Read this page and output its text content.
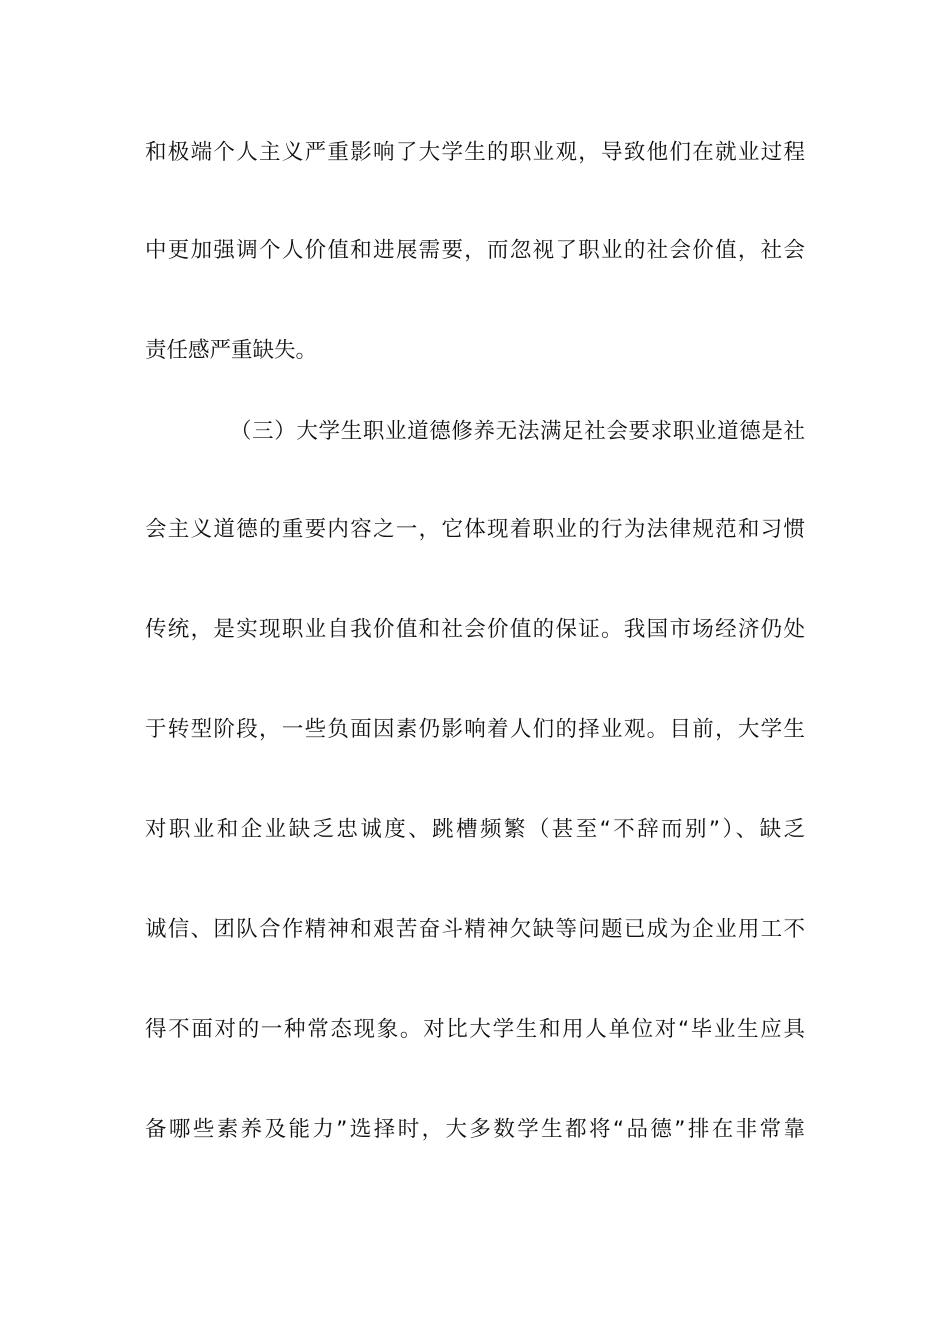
和极端个人主义严重影响了大学生的职业观，导致他们在就业过程
中更加强调个人价值和进展需要，而忽视了职业的社会价值，社会
责任感严重缺失。
（三）大学生职业道德修养无法满足社会要求职业道德是社
会主义道德的重要内容之一，它体现着职业的行为法律规范和习惯
传统，是实现职业自我价值和社会价值的保证。我国市场经济仍处
于转型阶段，一些负面因素仍影响着人们的择业观。目前，大学生
对职业和企业缺乏忠诚度、跳槽频繁（甚至“不辞而别”）、缺乏
诚信、团队合作精神和艰苦奋斗精神欠缺等问题已成为企业用工不
得不面对的一种常态现象。对比大学生和用人单位对“毕业生应具
备哪些素养及能力”选择时，大多数学生都将“品德”排在非常靠
